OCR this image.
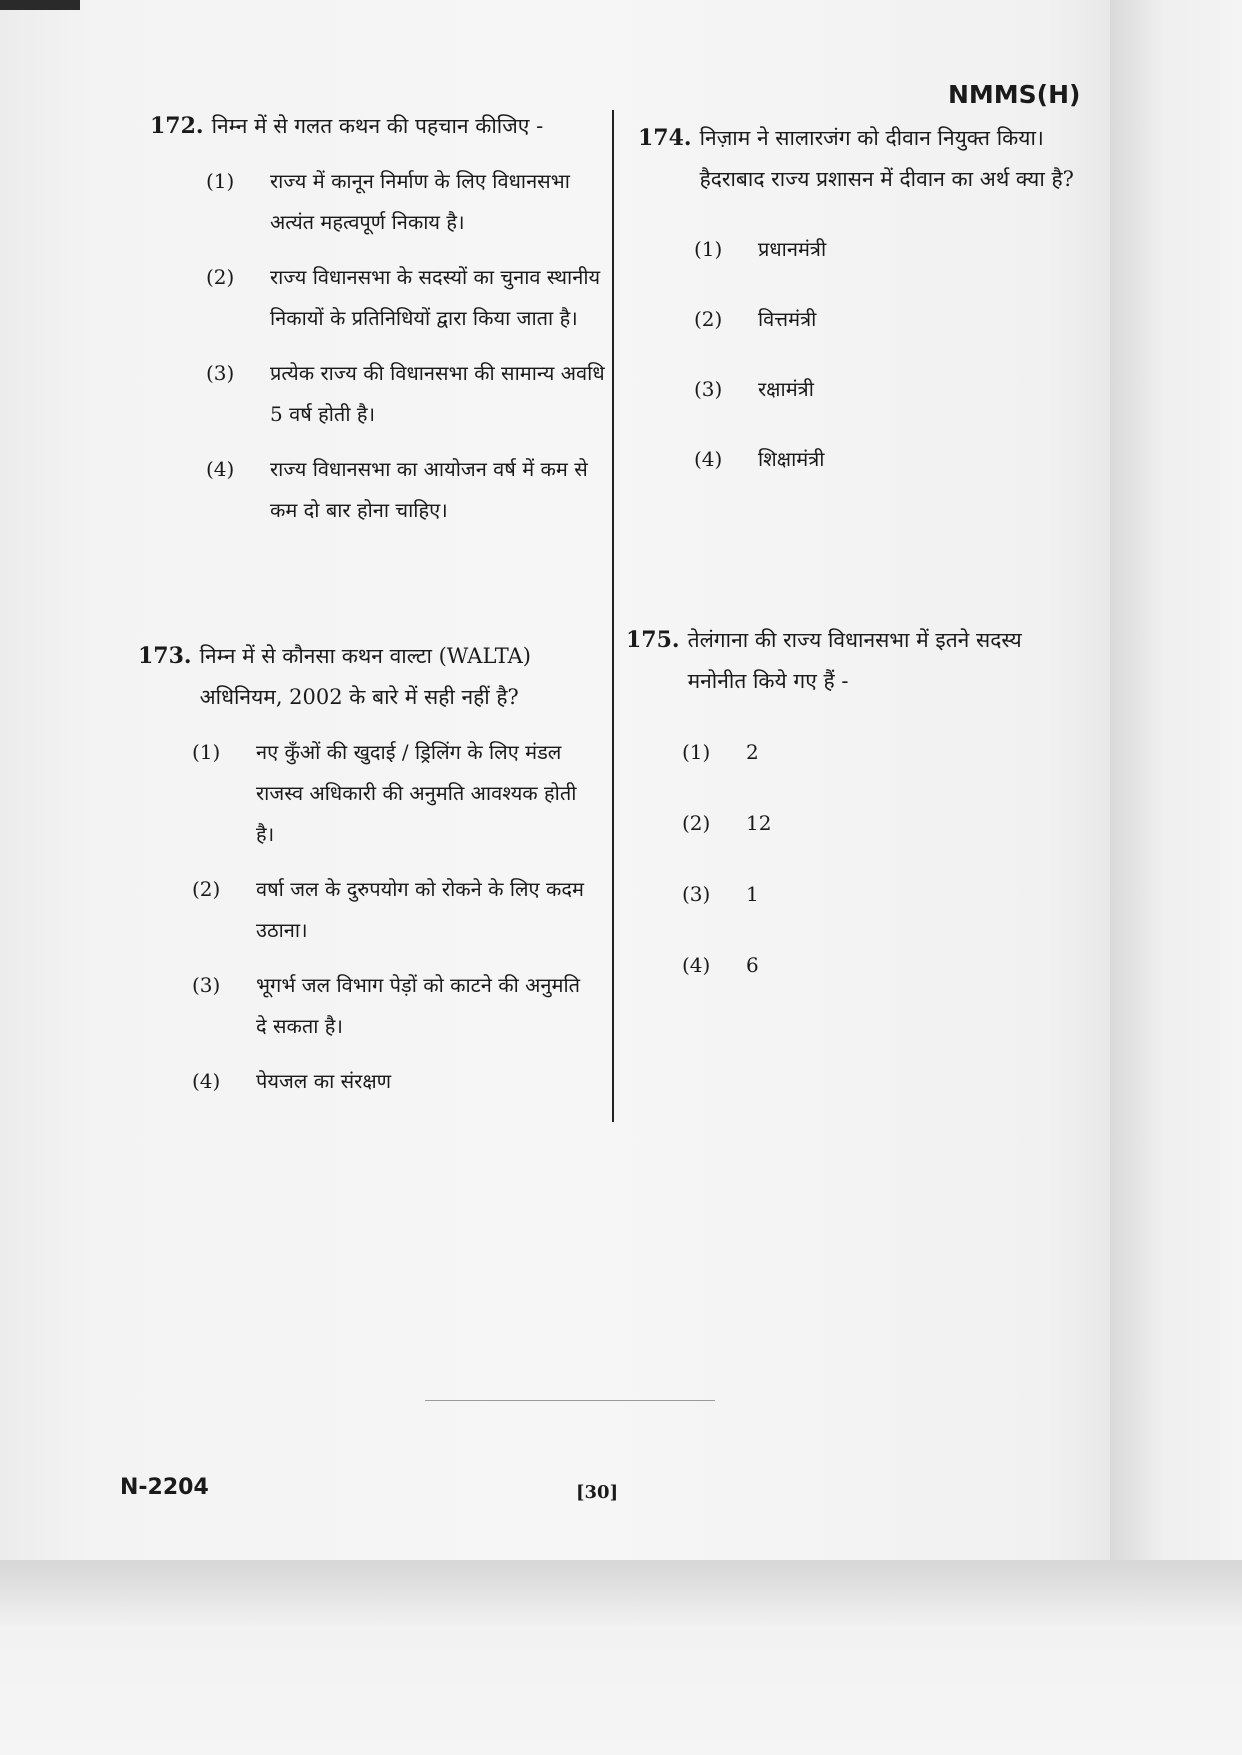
NMMS(H)
172. निम्न में से गलत कथन की पहचान कीजिए -
(1)	राज्य में कानून निर्माण के लिए विधानसभा अत्यंत महत्वपूर्ण निकाय है।
(2)	राज्य विधानसभा के सदस्यों का चुनाव स्थानीय निकायों के प्रतिनिधियों द्वारा किया जाता है।
(3)	प्रत्येक राज्य की विधानसभा की सामान्य अवधि 5 वर्ष होती है।
(4)	राज्य विधानसभा का आयोजन वर्ष में कम से कम दो बार होना चाहिए।
173. निम्न में से कौनसा कथन वाल्टा (WALTA) अधिनियम, 2002 के बारे में सही नहीं है?
(1)	नए कुँओं की खुदाई / ड्रिलिंग के लिए मंडल राजस्व अधिकारी की अनुमति आवश्यक होती है।
(2)	वर्षा जल के दुरुपयोग को रोकने के लिए कदम उठाना।
(3)	भूगर्भ जल विभाग पेड़ों को काटने की अनुमति दे सकता है।
(4)	पेयजल का संरक्षण
174. निज़ाम ने सालारजंग को दीवान नियुक्त किया। हैदराबाद राज्य प्रशासन में दीवान का अर्थ क्या है?
(1)	प्रधानमंत्री
(2)	वित्तमंत्री
(3)	रक्षामंत्री
(4)	शिक्षामंत्री
175. तेलंगाना की राज्य विधानसभा में इतने सदस्य मनोनीत किये गए हैं -
(1)	2
(2)	12
(3)	1
(4)	6
N-2204	[30]
